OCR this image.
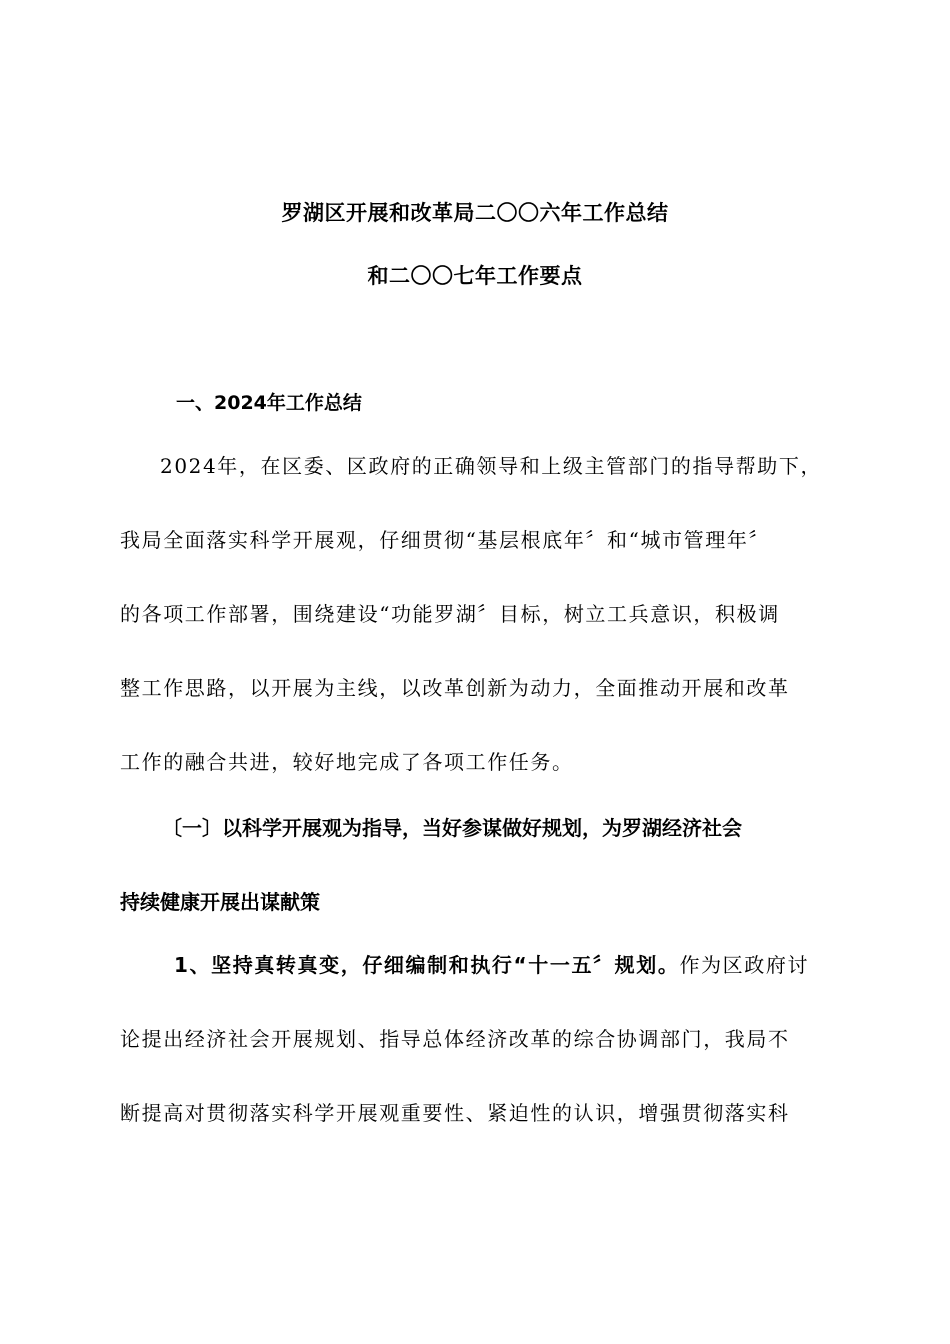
罗湖区开展和改革局二〇〇六年工作总结
和二〇〇七年工作要点
一、2024年工作总结
2024年，在区委、区政府的正确领导和上级主管部门的指导帮助下，
我局全面落实科学开展观，仔细贯彻“基层根底年〞和“城市管理年〞
的各项工作部署，围绕建设“功能罗湖〞目标，树立工兵意识，积极调
整工作思路，以开展为主线，以改革创新为动力，全面推动开展和改革
工作的融合共进，较好地完成了各项工作任务。
〔一〕以科学开展观为指导，当好参谋做好规划，为罗湖经济社会
持续健康开展出谋献策
1、坚持真转真变，仔细编制和执行“十一五〞规划。作为区政府讨
论提出经济社会开展规划、指导总体经济改革的综合协调部门，我局不
断提高对贯彻落实科学开展观重要性、紧迫性的认识，增强贯彻落实科
